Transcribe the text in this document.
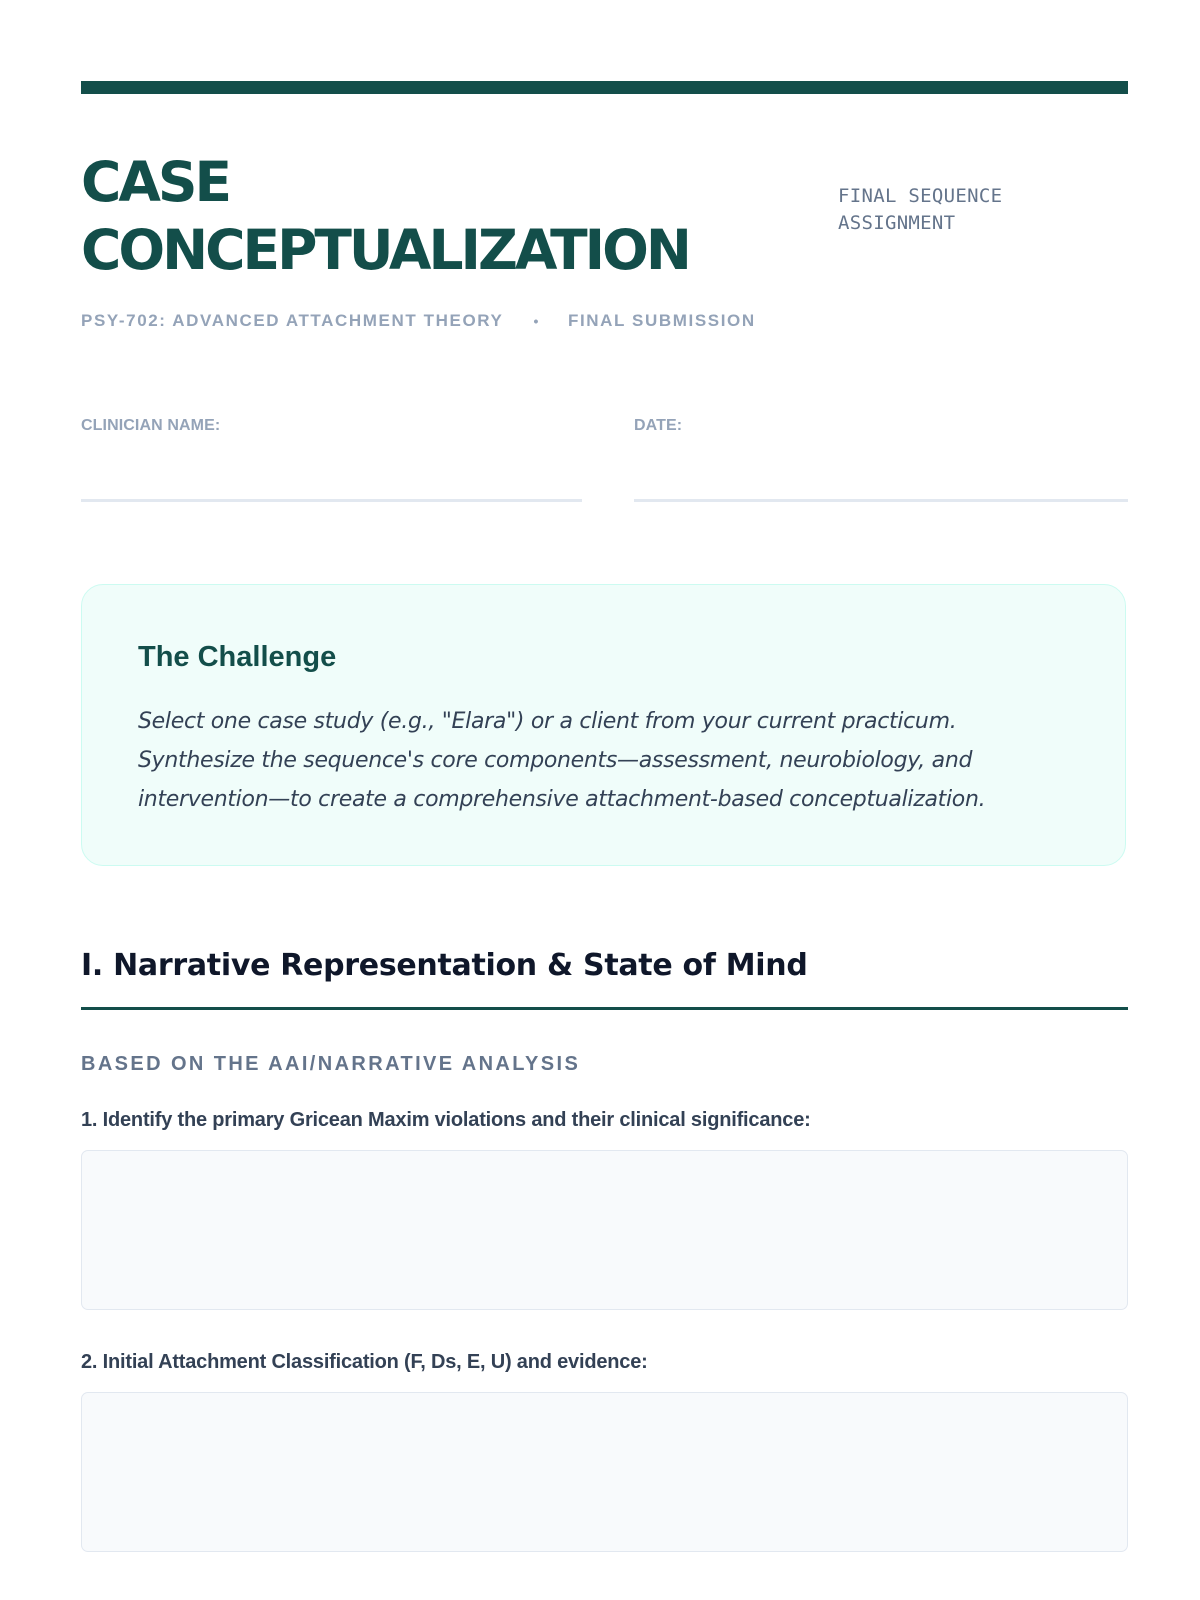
CASE
CONCEPTUALIZATION
FINAL SEQUENCE
ASSIGNMENT
PSY-702: ADVANCED ATTACHMENT THEORY • FINAL SUBMISSION
CLINICIAN NAME:	DATE:
The Challenge

Select one case study (e.g., "Elara") or a client from your current practicum.
Synthesize the sequence's core components—assessment, neurobiology, and
intervention—to create a comprehensive attachment-based conceptualization.

I. Narrative Representation & State of Mind
BASED ON THE AAI/NARRATIVE ANALYSIS
1. Identify the primary Gricean Maxim violations and their clinical significance:
2. Initial Attachment Classification (F, Ds, E, U) and evidence:
